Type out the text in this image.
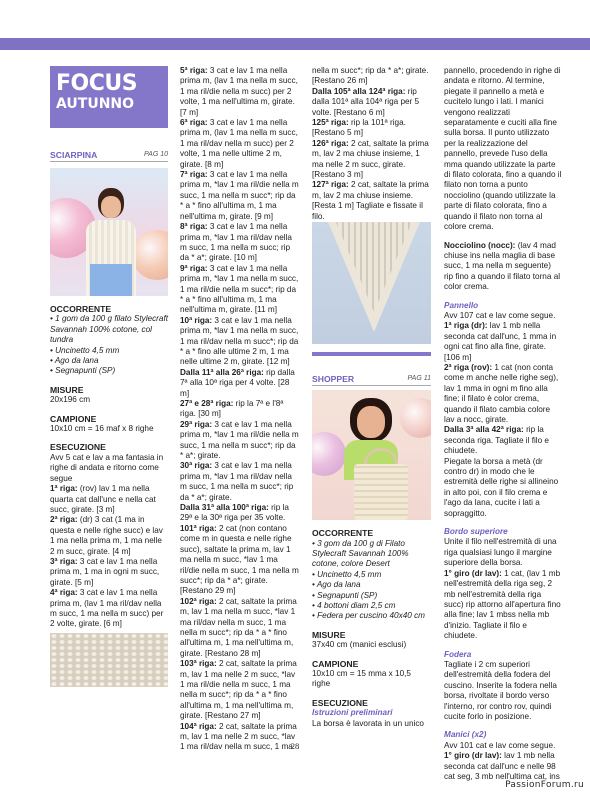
FOCUS
AUTUNNO
SCIARPINA	PAG 10
OCCORRENTE
• 1 gom da 100 g filato Stylecraft Savannah 100% cotone, col tundra
• Uncinetto 4,5 mm
• Ago da lana
• Segnapunti (SP)
MISURE
20x196 cm
CAMPIONE
10x10 cm = 16 maf x 8 righe
ESECUZIONE

Avv 5 cat e lav a ma fantasia in righe di andata e ritorno come segue

1ª riga: (rov) lav 1 ma nella quarta cat dall'unc e nella cat succ, girate. [3 m]

2ª riga: (dr) 3 cat (1 ma in questa e nelle righe succ) e lav 1 ma nella prima m, 1 ma nelle 2 m succ, girate. [4 m]

3ª riga: 3 cat e lav 1 ma nella prima m, 1 ma in ogni m succ, girate. [5 m]

4ª riga: 3 cat e lav 1 ma nella prima m, (lav 1 ma ril/dav nella m succ, 1 ma nella m succ) per 2 volte, girate. [6 m]

5ª riga: 3 cat e lav 1 ma nella prima m, (lav 1 ma nella m succ, 1 ma ril/die nella m succ) per 2 volte, 1 ma nell'ultima m, girate. [7 m]

6ª riga: 3 cat e lav 1 ma nella prima m, (lav 1 ma nella m succ, 1 ma ril/dav nella m succ) per 2 volte, 1 ma nelle ultime 2 m, girate. [8 m]

7ª riga: 3 cat e lav 1 ma nella prima m, *lav 1 ma ril/die nella m succ, 1 ma nella m succ*; rip da * a * fino all'ultima m, 1 ma nell'ultima m, girate. [9 m]

8ª riga: 3 cat e lav 1 ma nella prima m, *lav 1 ma ril/dav nella m succ, 1 ma nella m succ; rip da * a*; girate. [10 m]

9ª riga: 3 cat e lav 1 ma nella prima m, *lav 1 ma nella m succ, 1 ma ril/die nella m succ*; rip da * a * fino all'ultima m, 1 ma nell'ultima m, girate. [11 m]

10ª riga: 3 cat e lav 1 ma nella prima m, *lav 1 ma nella m succ, 1 ma ril/dav nella m succ*; rip da * a * fino alle ultime 2 m, 1 ma nelle ultime 2 m, girate. [12 m]

Dalla 11ª alla 26ª riga: rip dalla 7ª alla 10ª riga per 4 volte. [28 m]

27ª e 28ª riga: rip la 7ª e l'8ª riga. [30 m]

29ª riga: 3 cat e lav 1 ma nella prima m, *lav 1 ma ril/die nella m succ, 1 ma nella m succ*; rip da * a*; girate.

30ª riga: 3 cat e lav 1 ma nella prima m, *lav 1 ma ril/dav nella m succ, 1 ma nella m succ*; rip da * a*; girate.

Dalla 31ª alla 100ª riga: rip la 29ª e la 30ª riga per 35 volte.

101ª riga: 2 cat (non contano come m in questa e nelle righe succ), saltate la prima m, lav 1 ma nella m succ, *lav 1 ma ril/die nella m succ, 1 ma nella m succ*; rip da * a*; girate. [Restano 29 m]

102ª riga: 2 cat, saltate la prima m, lav 1 ma nella m succ, *lav 1 ma ril/dav nella m succ, 1 ma nella m succ*; rip da * a * fino all'ultima m, 1 ma nell'ultima m, girate. [Restano 28 m]

103ª riga: 2 cat, saltate la prima m, lav 1 ma nelle 2 m succ, *lav 1 ma ril/die nella m succ, 1 ma nella m succ*; rip da * a * fino all'ultima m, 1 ma nell'ultima m, girate. [Restano 27 m]

104ª riga: 2 cat, saltate la prima m, lav 1 ma nelle 2 m succ, *lav 1 ma ril/dav nella m succ, 1 ma

nella m succ*; rip da * a*; girate. [Restano 26 m]

Dalla 105ª alla 124ª riga: rip dalla 101ª alla 104ª riga per 5 volte. [Restano 6 m]

125ª riga: rip la 101ª riga. [Restano 5 m]

126ª riga: 2 cat, saltate la prima m, lav 2 ma chiuse insieme, 1 ma nelle 2 m succ, girate. [Restano 3 m]

127ª riga: 2 cat, saltate la prima m, lav 2 ma chiuse insieme. [Resta 1 m] Tagliate e fissate il filo.

SHOPPER	PAG 11
OCCORRENTE
• 3 gom da 100 g di Filato Stylecraft Savannah 100% cotone, colore Desert
• Uncinetto 4,5 mm
• Ago da lana
• Segnapunti (SP)
• 4 bottoni diam 2,5 cm
• Federa per cuscino 40x40 cm
MISURE
37x40 cm (manici esclusi)
CAMPIONE
10x10 cm = 15 mma x 10,5 righe
ESECUZIONE
Istruzioni preliminari

La borsa è lavorata in un unico

pannello, procedendo in righe di andata e ritorno. Al termine, piegate il pannello a metà e cucitelo lungo i lati. I manici vengono realizzati separatamente e cuciti alla fine sulla borsa. Il punto utilizzato per la realizzazione del pannello, prevede l'uso della mma quando utilizzate la parte di filato colorata, fino a quando il filato non torna a punto nocciolino (quando utilizzate la parte di filato colorata, fino a quando il filato non torna al colore crema.

Nocciolino (nocc): (lav 4 mad chiuse ins nella maglia di base succ, 1 ma nella m seguente) rip fino a quando il filato torna al color crema.

Pannello

Avv 107 cat e lav come segue.

1ª riga (dr): lav 1 mb nella seconda cat dall'unc, 1 mma in ogni cat fino alla fine, girate. [106 m]

2ª riga (rov): 1 cat (non conta come m anche nelle righe seg), lav 1 mma in ogni m fino alla fine; il filato è color crema, quando il filato cambia colore lav a nocc, girate.

Dalla 3ª alla 42ª riga: rip la seconda riga. Tagliate il filo e chiudete.

Piegate la borsa a metà (dr contro dr) in modo che le estremità delle righe si allineino in alto poi, con il filo crema e l'ago da lana, cucite i lati a sopraggitto.

Bordo superiore

Unite il filo nell'estremità di una riga qualsiasi lungo il margine superiore della borsa.

1° giro (dr lav): 1 cat, (lav 1 mb nell'estremità della riga seg, 2 mb nell'estremità della riga succ) rip attorno all'apertura fino alla fine; lav 1 mbss nella mb d'inizio. Tagliate il filo e chiudete.

Fodera

Tagliate i 2 cm superiori dell'estremità della fodera del cuscino. Inserite la fodera nella borsa, rivoltate il bordo verso l'interno, ror contro rov, quindi cucite forlo in posizione.

Manici (x2)

Avv 101 cat e lav come segue.

1° giro (dr lav): lav 1 mb nella seconda cat dall'unc e nelle 98 cat seg, 3 mb nell'ultima cat, ins

28
PassionForum.ru
